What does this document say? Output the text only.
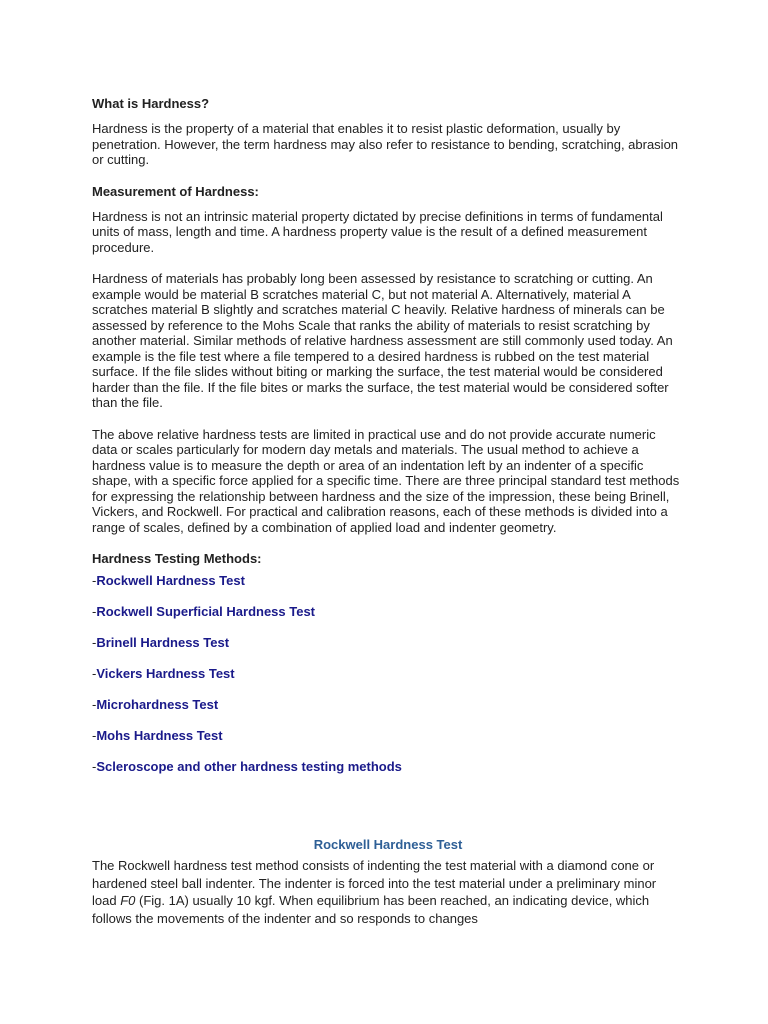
What is Hardness?

Hardness is the property of a material that enables it to resist plastic deformation, usually by penetration. However, the term hardness may also refer to resistance to bending, scratching, abrasion or cutting.

Measurement of Hardness:

Hardness is not an intrinsic material property dictated by precise definitions in terms of fundamental units of mass, length and time. A hardness property value is the result of a defined measurement procedure.

Hardness of materials has probably long been assessed by resistance to scratching or cutting. An example would be material B scratches material C, but not material A. Alternatively, material A scratches material B slightly and scratches material C heavily. Relative hardness of minerals can be assessed by reference to the Mohs Scale that ranks the ability of materials to resist scratching by another material. Similar methods of relative hardness assessment are still commonly used today. An example is the file test where a file tempered to a desired hardness is rubbed on the test material surface. If the file slides without biting or marking the surface, the test material would be considered harder than the file. If the file bites or marks the surface, the test material would be considered softer than the file.

The above relative hardness tests are limited in practical use and do not provide accurate numeric data or scales particularly for modern day metals and materials. The usual method to achieve a hardness value is to measure the depth or area of an indentation left by an indenter of a specific shape, with a specific force applied for a specific time. There are three principal standard test methods for expressing the relationship between hardness and the size of the impression, these being Brinell, Vickers, and Rockwell. For practical and calibration reasons, each of these methods is divided into a range of scales, defined by a combination of applied load and indenter geometry.

Hardness Testing Methods:

-Rockwell Hardness Test

-Rockwell Superficial Hardness Test

-Brinell Hardness Test

-Vickers Hardness Test

-Microhardness Test

-Mohs Hardness Test

-Scleroscope and other hardness testing methods

Rockwell Hardness Test

The Rockwell hardness test method consists of indenting the test material with a diamond cone or hardened steel ball indenter. The indenter is forced into the test material under a preliminary minor load F0 (Fig. 1A) usually 10 kgf. When equilibrium has been reached, an indicating device, which follows the movements of the indenter and so responds to changes
